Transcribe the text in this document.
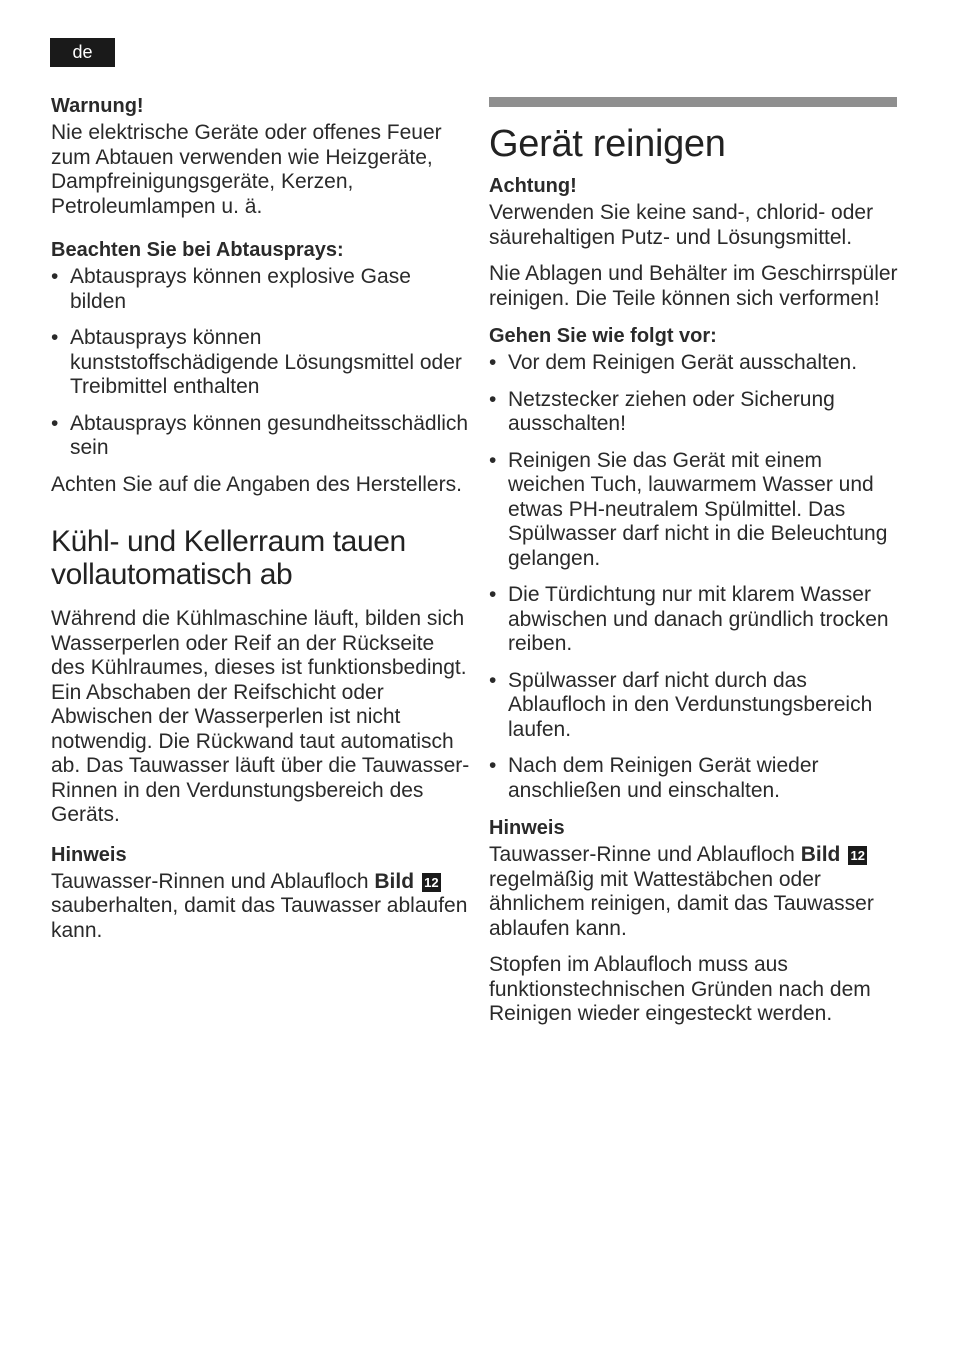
de
Warnung!

Nie elektrische Geräte oder offenes Feuer zum Abtauen verwenden wie Heizgeräte, Dampfreinigungsgeräte, Kerzen, Petroleumlampen u. ä.

Beachten Sie bei Abtausprays:
• Abtausprays können explosive Gase bilden
• Abtausprays können kunststoffschädigende Lösungsmittel oder Treibmittel enthalten
• Abtausprays können gesundheitsschädlich sein

Achten Sie auf die Angaben des Herstellers.

Kühl- und Kellerraum tauen vollautomatisch ab

Während die Kühlmaschine läuft, bilden sich Wasserperlen oder Reif an der Rückseite des Kühlraumes, dieses ist funktionsbedingt. Ein Abschaben der Reifschicht oder Abwischen der Wasserperlen ist nicht notwendig. Die Rückwand taut automatisch ab. Das Tauwasser läuft über die Tauwasser-Rinnen in den Verdunstungsbereich des Geräts.

Hinweis

Tauwasser-Rinnen und Ablaufloch Bild 12 sauberhalten, damit das Tauwasser ablaufen kann.

Gerät reinigen
Achtung!

Verwenden Sie keine sand-, chlorid- oder säurehaltigen Putz- und Lösungsmittel.

Nie Ablagen und Behälter im Geschirrspüler reinigen. Die Teile können sich verformen!

Gehen Sie wie folgt vor:
• Vor dem Reinigen Gerät ausschalten.
• Netzstecker ziehen oder Sicherung ausschalten!
• Reinigen Sie das Gerät mit einem weichen Tuch, lauwarmem Wasser und etwas PH-neutralem Spülmittel. Das Spülwasser darf nicht in die Beleuchtung gelangen.
• Die Türdichtung nur mit klarem Wasser abwischen und danach gründlich trocken reiben.
• Spülwasser darf nicht durch das Ablaufloch in den Verdunstungsbereich laufen.
• Nach dem Reinigen Gerät wieder anschließen und einschalten.
Hinweis

Tauwasser-Rinne und Ablaufloch Bild 12 regelmäßig mit Wattestäbchen oder ähnlichem reinigen, damit das Tauwasser ablaufen kann.

Stopfen im Ablaufloch muss aus funktionstechnischen Gründen nach dem Reinigen wieder eingesteckt werden.
